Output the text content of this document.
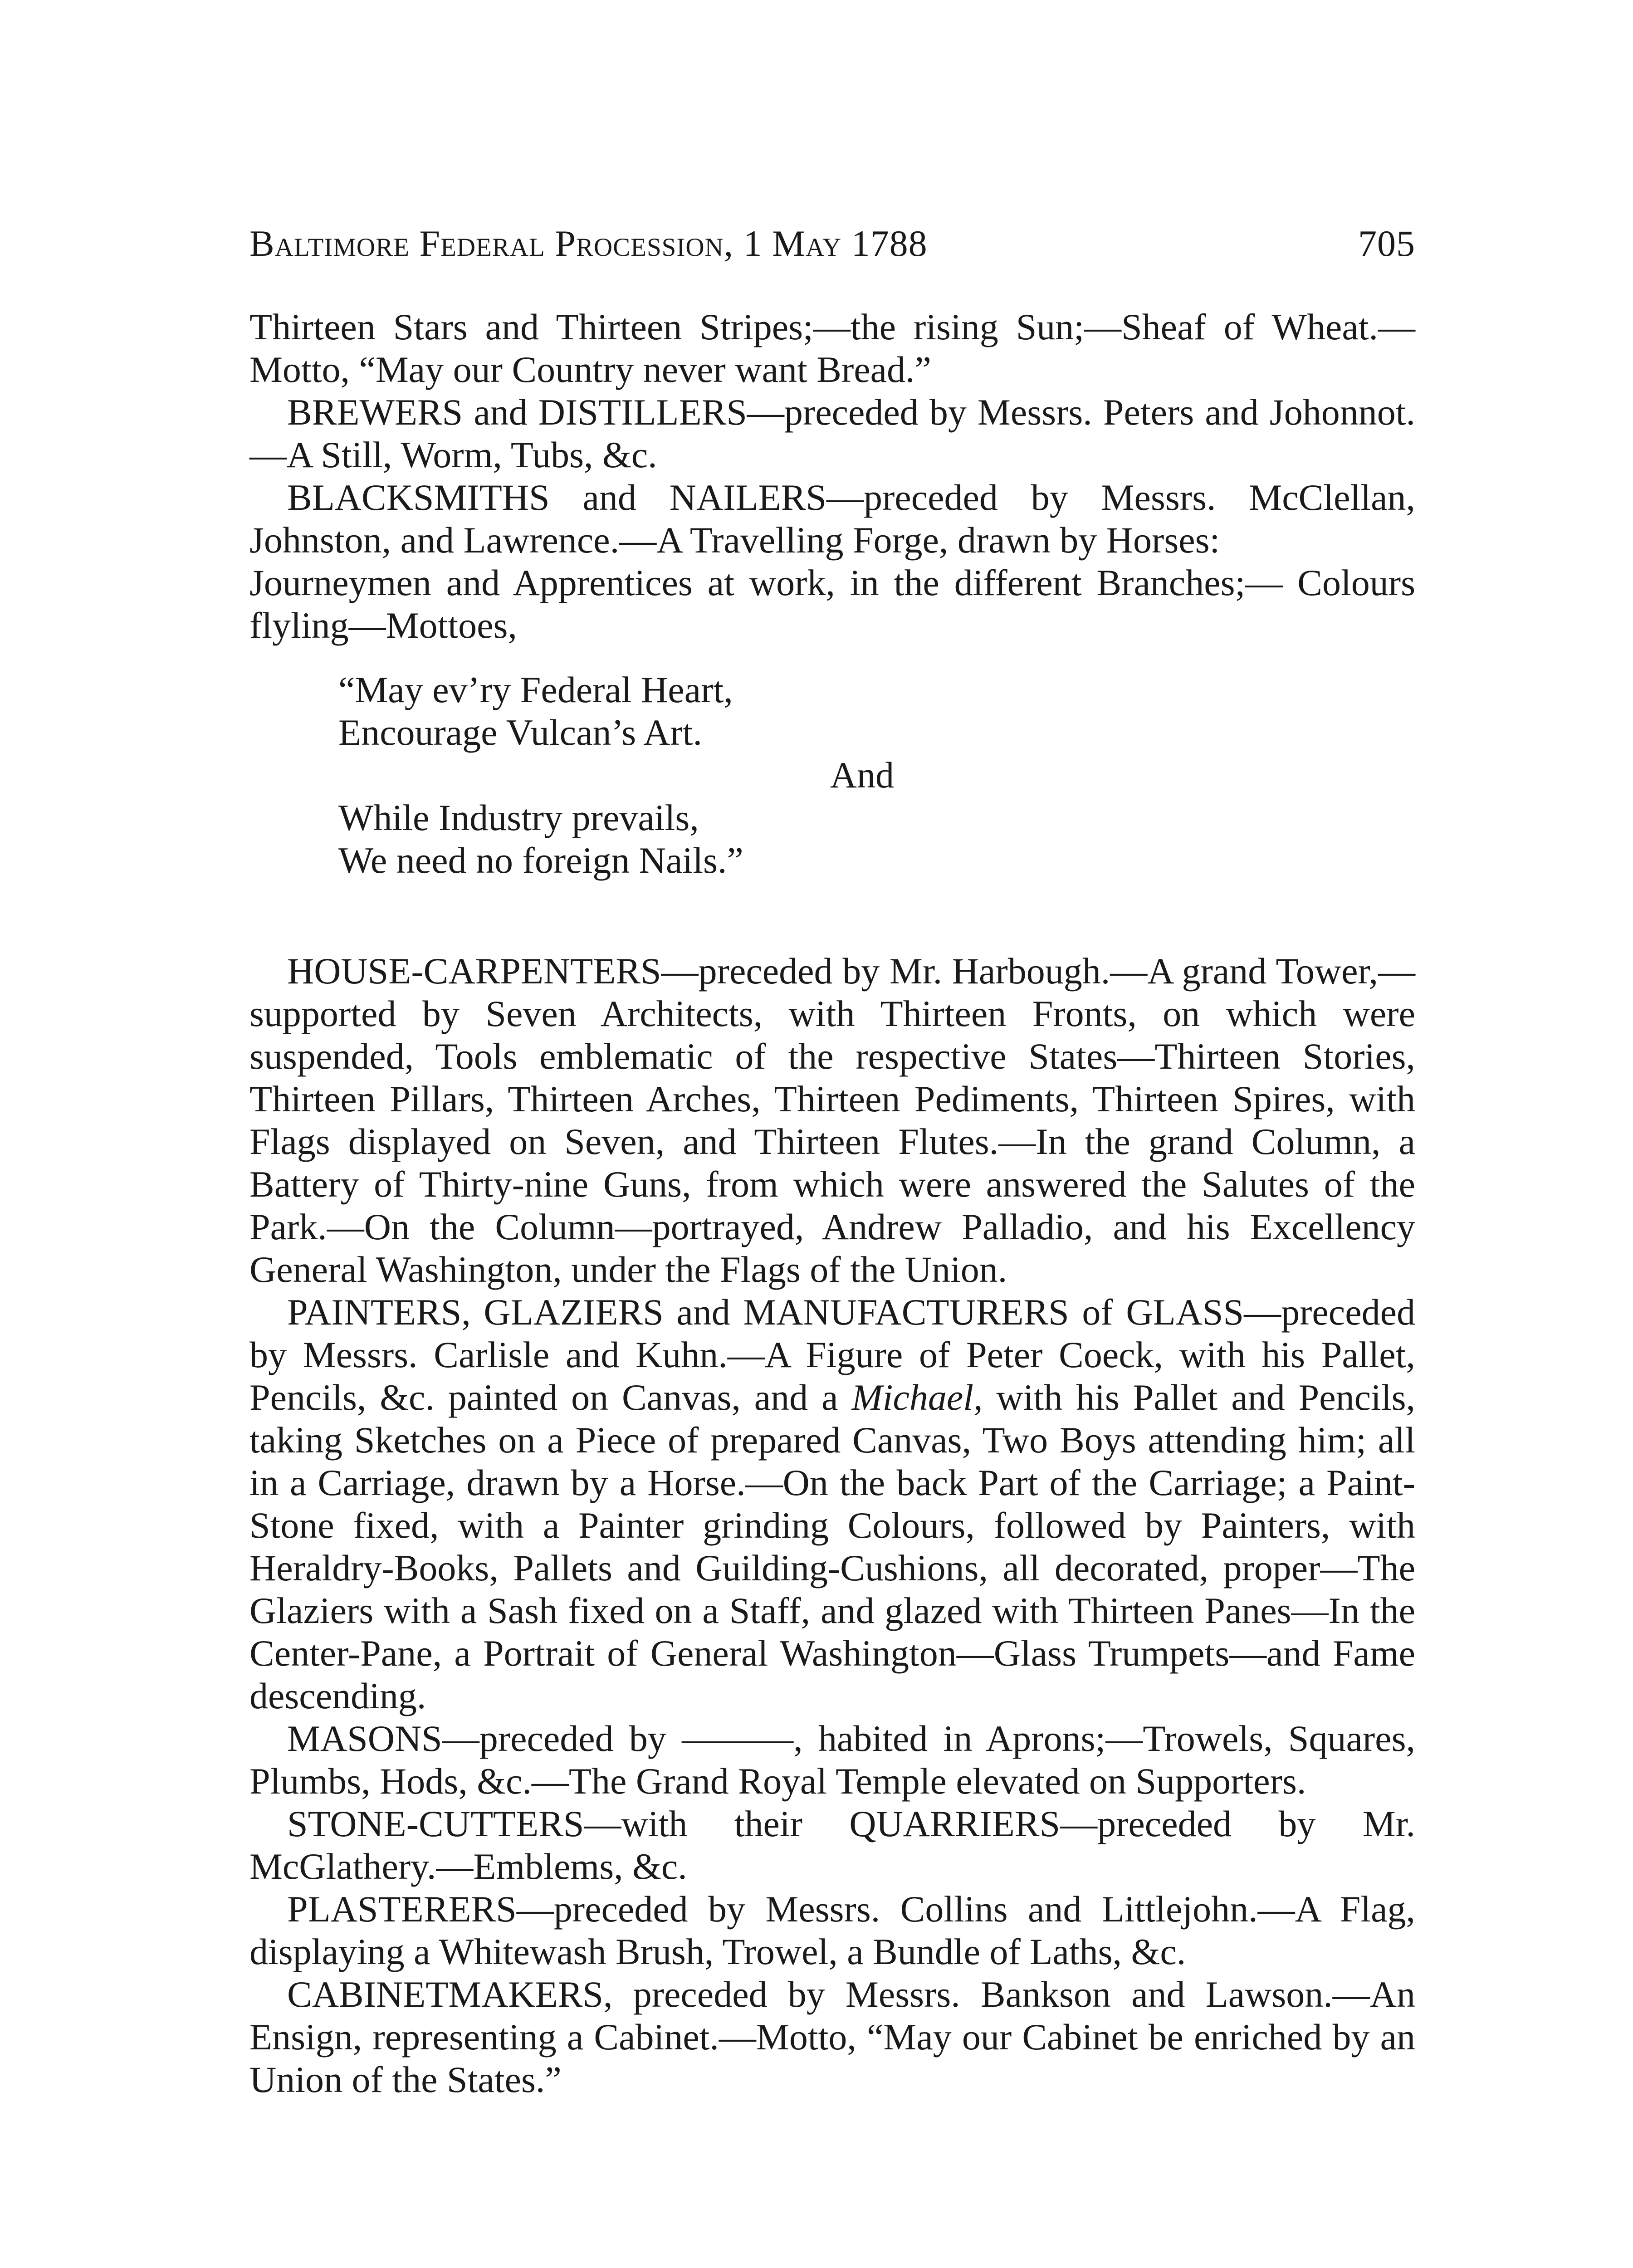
Baltimore Federal Procession, 1 May 1788	705

Thirteen Stars and Thirteen Stripes;—the rising Sun;—Sheaf of Wheat.—Motto, “May our Country never want Bread.”

BREWERS and DISTILLERS—preceded by Messrs. Peters and Johonnot.—A Still, Worm, Tubs, &c.

BLACKSMITHS and NAILERS—preceded by Messrs. McClellan, Johnston, and Lawrence.—A Travelling Forge, drawn by Horses:

Journeymen and Apprentices at work, in the different Branches;— Colours flyling—Mottoes,

“May ev’ry Federal Heart,
Encourage Vulcan’s Art.
And
While Industry prevails,
We need no foreign Nails.”

HOUSE-CARPENTERS—preceded by Mr. Harbough.—A grand Tower,—supported by Seven Architects, with Thirteen Fronts, on which were suspended, Tools emblematic of the respective States—Thirteen Stories, Thirteen Pillars, Thirteen Arches, Thirteen Pediments, Thirteen Spires, with Flags displayed on Seven, and Thirteen Flutes.—In the grand Column, a Battery of Thirty-nine Guns, from which were answered the Salutes of the Park.—On the Column—portrayed, Andrew Palladio, and his Excellency General Washington, under the Flags of the Union.

PAINTERS, GLAZIERS and MANUFACTURERS of GLASS—preceded by Messrs. Carlisle and Kuhn.—A Figure of Peter Coeck, with his Pallet, Pencils, &c. painted on Canvas, and a Michael, with his Pallet and Pencils, taking Sketches on a Piece of prepared Canvas, Two Boys attending him; all in a Carriage, drawn by a Horse.—On the back Part of the Carriage; a Paint-Stone fixed, with a Painter grinding Colours, followed by Painters, with Heraldry-Books, Pallets and Guilding-Cushions, all decorated, proper—The Glaziers with a Sash fixed on a Staff, and glazed with Thirteen Panes—In the Center-Pane, a Portrait of General Washington—Glass Trumpets—and Fame descending.

MASONS—preceded by ———, habited in Aprons;—Trowels, Squares, Plumbs, Hods, &c.—The Grand Royal Temple elevated on Supporters.

STONE-CUTTERS—with their QUARRIERS—preceded by Mr. McGlathery.—Emblems, &c.

PLASTERERS—preceded by Messrs. Collins and Littlejohn.—A Flag, displaying a Whitewash Brush, Trowel, a Bundle of Laths, &c.

CABINETMAKERS, preceded by Messrs. Bankson and Lawson.—An Ensign, representing a Cabinet.—Motto, “May our Cabinet be enriched by an Union of the States.”
